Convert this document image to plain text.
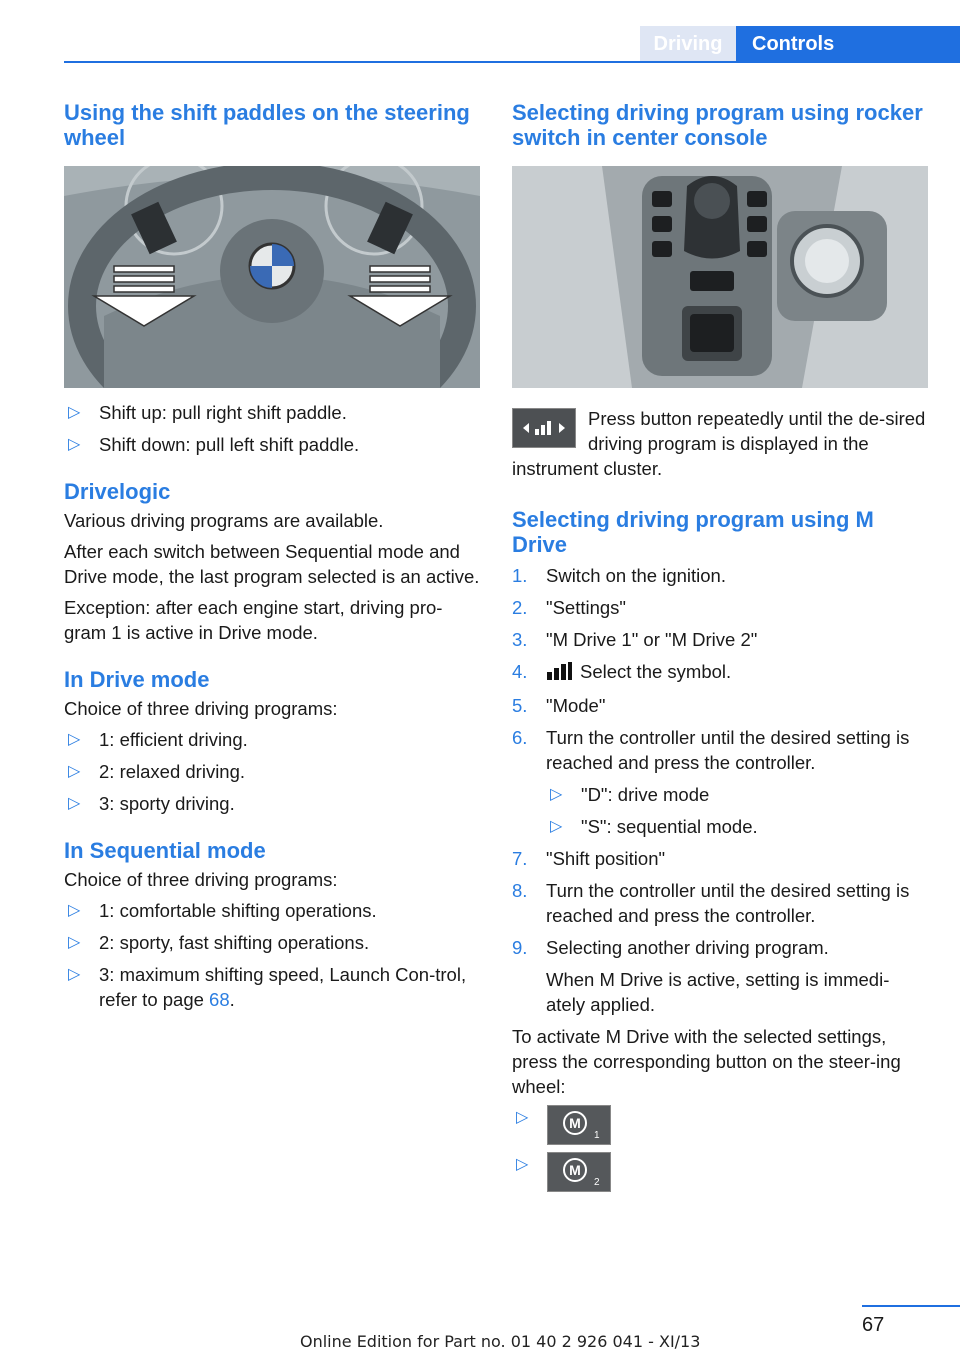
Driving	Controls
Using the shift paddles on the steering wheel
▷ Shift up: pull right shift paddle.
▷ Shift down: pull left shift paddle.
Drivelogic

Various driving programs are available.

After each switch between Sequential mode and Drive mode, the last program selected is an active.

Exception: after each engine start, driving pro-gram 1 is active in Drive mode.

In Drive mode

Choice of three driving programs:

▷ 1: efficient driving.
▷ 2: relaxed driving.
▷ 3: sporty driving.
In Sequential mode

Choice of three driving programs:

▷ 1: comfortable shifting operations.
▷ 2: sporty, fast shifting operations.
▷ 3: maximum shifting speed, Launch Con-trol, refer to page 68.
Selecting driving program using rocker switch in center console

Press button repeatedly until the de-sired driving program is displayed in the instrument cluster.

Selecting driving program using M Drive
1. Switch on the ignition.
2. "Settings"
3. "M Drive 1" or "M Drive 2"
4.	Select the symbol.
5. "Mode"
6. Turn the controller until the desired setting is reached and press the controller.
▷ "D": drive mode
▷ "S": sequential mode.
7. "Shift position"
8. Turn the controller until the desired setting is reached and press the controller.
9. Selecting another driving program.
When M Drive is active, setting is immedi-ately applied.

To activate M Drive with the selected settings, press the corresponding button on the steer-ing wheel:

▷	M
1
▷	M
2
67
Online Edition for Part no. 01 40 2 926 041 - XI/13
